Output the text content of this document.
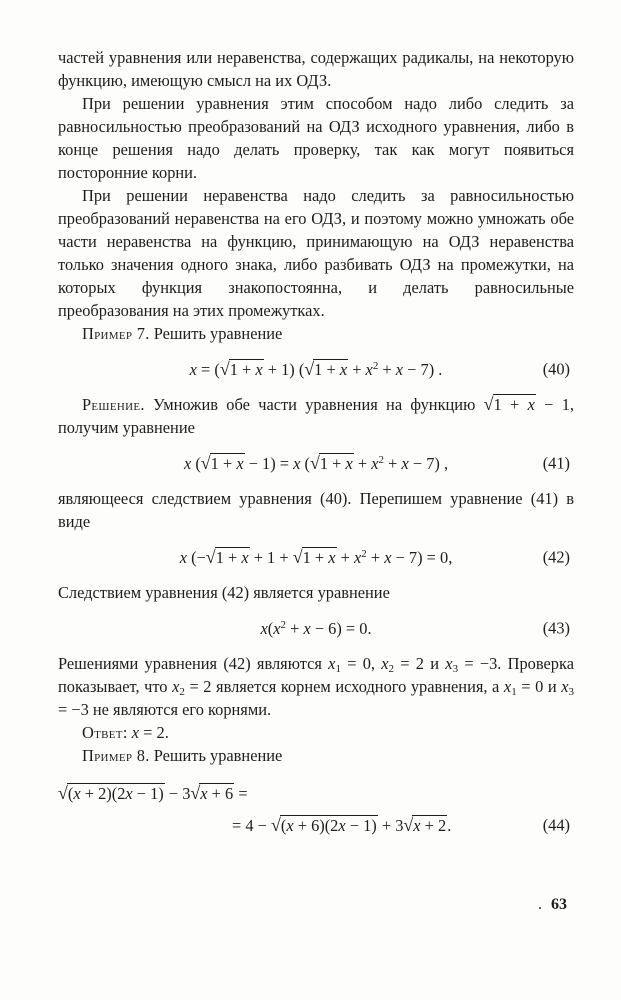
частей уравнения или неравенства, содержащих радикалы, на некоторую функцию, имеющую смысл на их ОДЗ.

При решении уравнения этим способом надо либо следить за равносильностью преобразований на ОДЗ исходного уравнения, либо в конце решения надо делать проверку, так как могут появиться посторонние корни.

При решении неравенства надо следить за равносильностью преобразований неравенства на его ОДЗ, и поэтому можно умножать обе части неравенства на функцию, принимающую на ОДЗ неравенства только значения одного знака, либо разбивать ОДЗ на промежутки, на которых функция знакопостоянна, и делать равносильные преобразования на этих промежутках.

Пример 7. Решить уравнение

x = (√1 + x + 1) $(√1 + x + x^2 + x - 7)$ .	(40)

Решение. Умножив обе части уравнения на функцию √1 + x − 1, получим уравнение

x (√1 + x − 1) = x $(√1 + x + x^2 + x - 7)$ ,	(41)

являющееся следствием уравнения (40). Перепишем уравнение (41) в виде

x $(-√1 + x + 1 + √1 + x + x^2 + x - 7) = 0$,	(42)

Следствием уравнения (42) является уравнение

$x(x^2 + x - 6) = 0$.	(43)

Решениями уравнения (42) являются $x_1 = 0$, $x_2 = 2$ и $x_3 = -3$. Проверка показывает, что $x_2 = 2$ является корнем исходного уравнения, а $x_1 = 0$ и $x_3 = -3$ не являются его корнями.

Ответ: x = 2.

Пример 8. Решить уравнение

√(x + 2)(2x − 1) − 3√x + 6 =
= 4 − √(x + 6)(2x − 1) + 3√x + 2.	(44)
. 63
